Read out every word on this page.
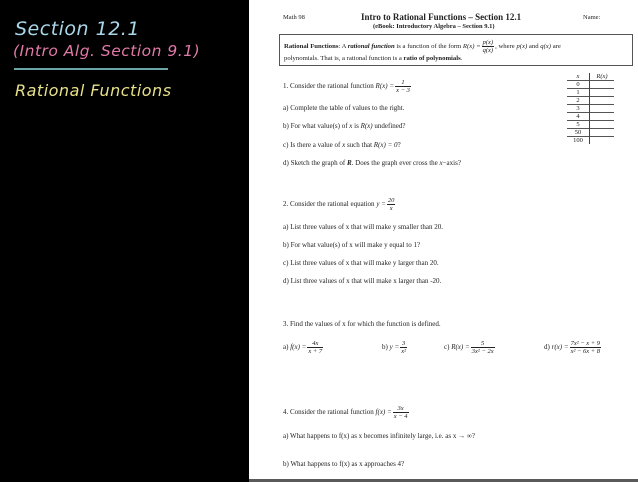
Section 12.1
(Intro Alg. Section 9.1)
Rational Functions
Math 98	Intro to Rational Functions – Section 12.1
(eBook: Introductory Algebra – Section 9.1)
Name:
Rational Functions: A rational function is a function of the form $R(x) = \frac{p(x)}{q(x)}$ , where p(x) and q(x) are
polynomials. That is, a rational function is a ratio of polynomials.
1. Consider the rational function $R(x) = \frac{1}{x - 3}$
a) Complete the table of values to the right.
b) For what value(s) of x is R(x) undefined?
c) Is there a value of x such that R(x) = 0?
d) Sketch the graph of R. Does the graph ever cross the x−axis?
x	R(x)
0	
1	
2	
3	
4	
5	
50	
100	
2. Consider the rational equation $y = \frac{20}{x}$
a) List three values of x that will make y smaller than 20.
b) For what value(s) of x will make y equal to 1?
c) List three values of x that will make y larger than 20.
d) List three values of x that will make x larger than -20.
3. Find the values of x for which the function is defined.
a) $f(x) = \frac{4x}{x + 7}$	b) $y = \frac{3}{\text{x²}}$	c) $R(x) = \frac{5}{\text{3x² − 2x}}$	d) $r(x) = \frac{\text{7x² − x + 9}}{\text{x² − 6x + 8}}$
4. Consider the rational function $f(x) = \frac{3x}{x - 4}$
a) What happens to f(x) as x becomes infinitely large, i.e. as x → ∞?
b) What happens to f(x) as x approaches 4?
